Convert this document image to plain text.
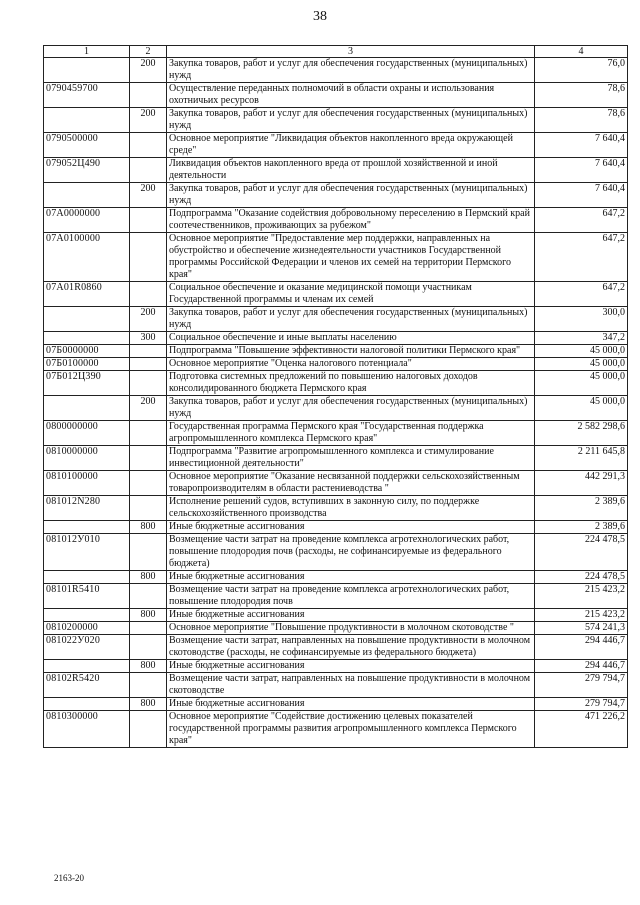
38
1	2	3	4
	200	Закупка товаров, работ и услуг для обеспечения государственных (муниципальных) нужд	76,0
0790459700		Осуществление переданных полномочий в области охраны и использования охотничьих ресурсов	78,6
	200	Закупка товаров, работ и услуг для обеспечения государственных (муниципальных) нужд	78,6
0790500000		Основное мероприятие "Ликвидация объектов накопленного вреда окружающей среде"	7 640,4
079052Ц490		Ликвидация объектов накопленного вреда от прошлой хозяйственной и иной деятельности	7 640,4
	200	Закупка товаров, работ и услуг для обеспечения государственных (муниципальных) нужд	7 640,4
07А0000000		Подпрограмма "Оказание содействия добровольному переселению в Пермский край соотечественников, проживающих за рубежом"	647,2
07А0100000		Основное мероприятие "Предоставление мер поддержки, направленных на обустройство и обеспечение жизнедеятельности участников Государственной программы Российской Федерации и членов их семей на территории Пермского края"	647,2
07А01R0860		Социальное обеспечение и оказание медицинской помощи участникам Государственной программы и членам их семей	647,2
	200	Закупка товаров, работ и услуг для обеспечения государственных (муниципальных) нужд	300,0
	300	Социальное обеспечение и иные выплаты населению	347,2
07Б0000000		Подпрограмма "Повышение эффективности налоговой политики Пермского края"	45 000,0
07Б0100000		Основное мероприятие "Оценка налогового потенциала"	45 000,0
07Б012Ц390		Подготовка системных предложений по повышению налоговых доходов консолидированного бюджета Пермского края	45 000,0
	200	Закупка товаров, работ и услуг для обеспечения государственных (муниципальных) нужд	45 000,0
0800000000		Государственная программа Пермского края "Государственная поддержка агропромышленного комплекса Пермского края"	2 582 298,6
0810000000		Подпрограмма "Развитие агропромышленного комплекса и стимулирование инвестиционной деятельности"	2 211 645,8
0810100000		Основное мероприятие "Оказание несвязанной поддержки сельскохозяйственным товаропроизводителям в области растениеводства "	442 291,3
081012N280		Исполнение решений судов, вступивших в законную силу, по поддержке сельскохозяйственного производства	2 389,6
	800	Иные бюджетные ассигнования	2 389,6
081012У010		Возмещение части затрат на проведение комплекса агротехнологических работ, повышение плодородия почв (расходы, не софинансируемые из федерального бюджета)	224 478,5
	800	Иные бюджетные ассигнования	224 478,5
08101R5410		Возмещение части затрат на проведение комплекса агротехнологических работ, повышение плодородия почв	215 423,2
	800	Иные бюджетные ассигнования	215 423,2
0810200000		Основное мероприятие "Повышение продуктивности в молочном скотоводстве "	574 241,3
081022У020		Возмещение части затрат, направленных на повышение продуктивности в молочном скотоводстве (расходы, не софинансируемые из федерального бюджета)	294 446,7
	800	Иные бюджетные ассигнования	294 446,7
08102R5420		Возмещение части затрат, направленных на повышение продуктивности в молочном скотоводстве	279 794,7
	800	Иные бюджетные ассигнования	279 794,7
0810300000		Основное мероприятие "Содействие достижению целевых показателей государственной программы развития агропромышленного комплекса Пермского края"	471 226,2
2163-20
